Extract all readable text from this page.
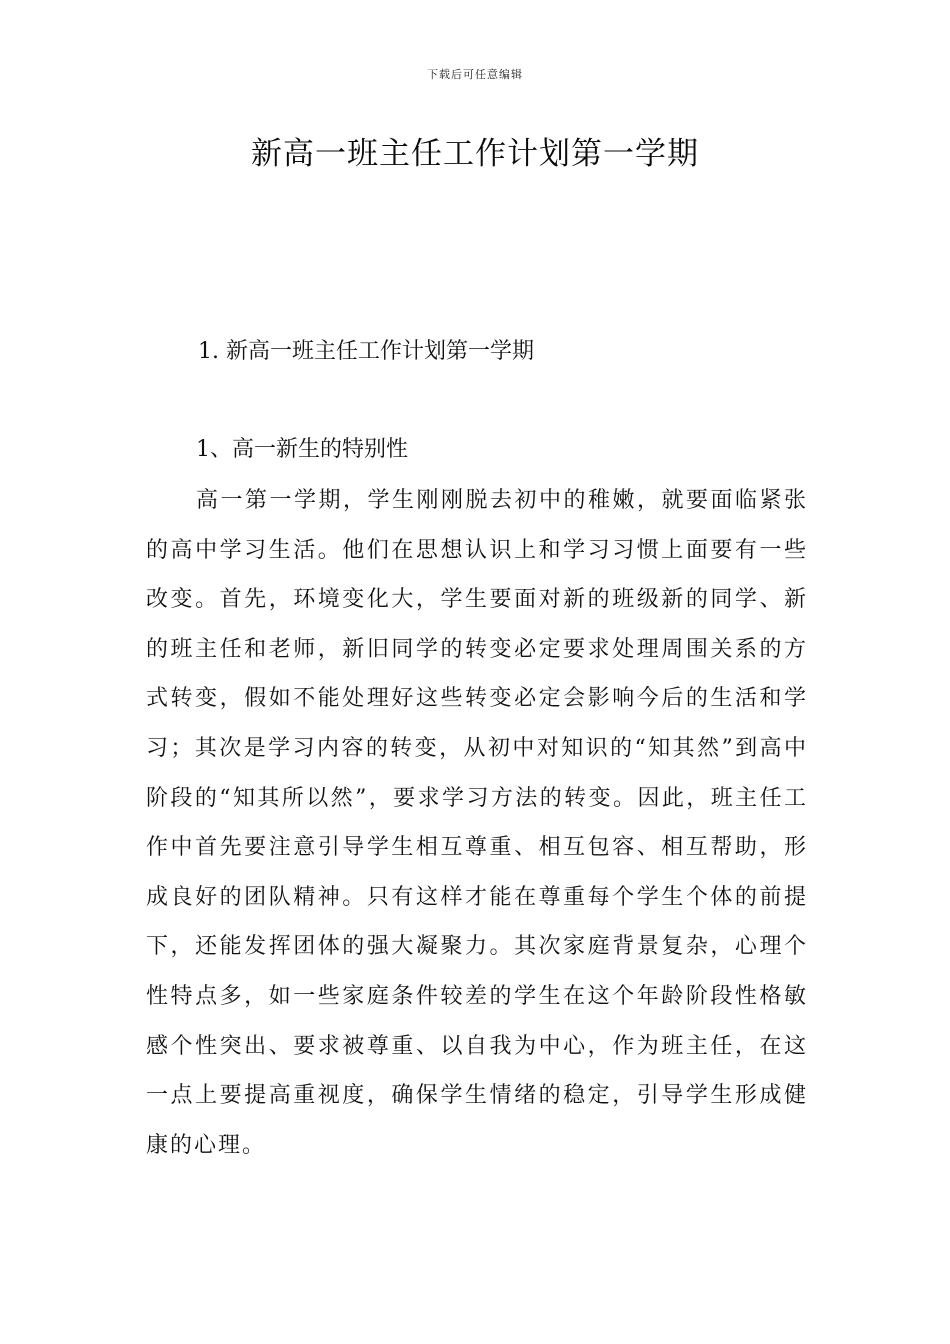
下载后可任意编辑
新高一班主任工作计划第一学期
1. 新高一班主任工作计划第一学期
1、高一新生的特别性

高一第一学期，学生刚刚脱去初中的稚嫩，就要面临紧张的高中学习生活。他们在思想认识上和学习习惯上面要有一些改变。首先，环境变化大，学生要面对新的班级新的同学、新的班主任和老师，新旧同学的转变必定要求处理周围关系的方式转变，假如不能处理好这些转变必定会影响今后的生活和学习；其次是学习内容的转变，从初中对知识的“知其然”到高中阶段的“知其所以然”，要求学习方法的转变。因此，班主任工作中首先要注意引导学生相互尊重、相互包容、相互帮助，形成良好的团队精神。只有这样才能在尊重每个学生个体的前提下，还能发挥团体的强大凝聚力。其次家庭背景复杂，心理个性特点多，如一些家庭条件较差的学生在这个年龄阶段性格敏感个性突出、要求被尊重、以自我为中心，作为班主任，在这一点上要提高重视度，确保学生情绪的稳定，引导学生形成健康的心理。
